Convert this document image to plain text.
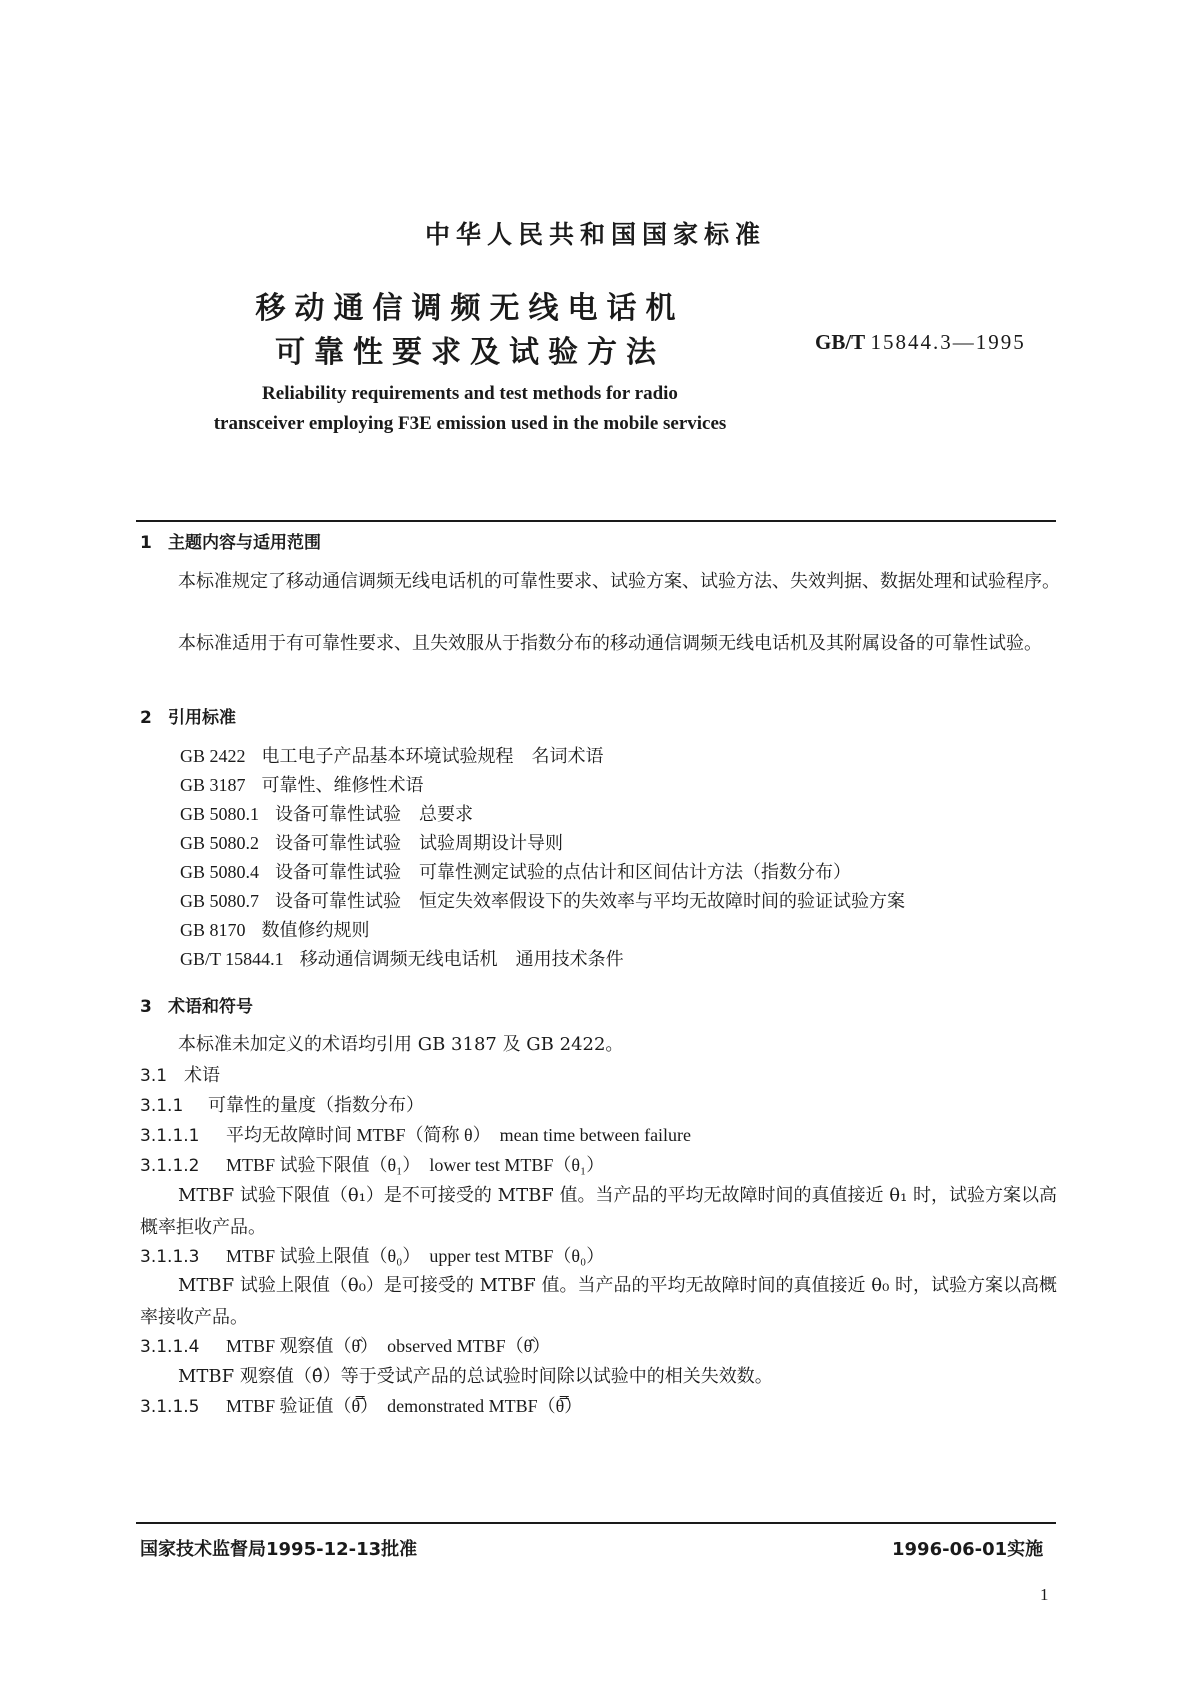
中华人民共和国国家标准
移动通信调频无线电话机
可靠性要求及试验方法	GB/T 15844.3—1995
Reliability requirements and test methods for radio
transceiver employing F3E emission used in the mobile services
1 主题内容与适用范围
本标准规定了移动通信调频无线电话机的可靠性要求、试验方案、试验方法、失效判据、数据处理和试验程序。
本标准适用于有可靠性要求、且失效服从于指数分布的移动通信调频无线电话机及其附属设备的可靠性试验。
2 引用标准
GB 2422 电工电子产品基本环境试验规程　名词术语
GB 3187 可靠性、维修性术语
GB 5080.1 设备可靠性试验　总要求
GB 5080.2 设备可靠性试验　试验周期设计导则
GB 5080.4 设备可靠性试验　可靠性测定试验的点估计和区间估计方法（指数分布）
GB 5080.7 设备可靠性试验　恒定失效率假设下的失效率与平均无故障时间的验证试验方案
GB 8170 数值修约规则
GB/T 15844.1 移动通信调频无线电话机　通用技术条件
3 术语和符号
本标准未加定义的术语均引用 GB 3187 及 GB 2422。
3.1 术语
3.1.1 可靠性的量度（指数分布）
3.1.1.1 平均无故障时间 MTBF（简称 θ）　mean time between failure
3.1.1.2 MTBF 试验下限值（θ₁）　lower test MTBF（θ₁）
MTBF 试验下限值（θ₁）是不可接受的 MTBF 值。当产品的平均无故障时间的真值接近 θ₁ 时，试验方案以高概率拒收产品。
3.1.1.3 MTBF 试验上限值（θ₀）　upper test MTBF（θ₀）
MTBF 试验上限值（θ₀）是可接受的 MTBF 值。当产品的平均无故障时间的真值接近 θ₀ 时，试验方案以高概率接收产品。
3.1.1.4 MTBF 观察值（θ̂）　observed MTBF（θ̂）
MTBF 观察值（θ̂）等于受试产品的总试验时间除以试验中的相关失效数。
3.1.1.5 MTBF 验证值（θ̿）　demonstrated MTBF（θ̿）
国家技术监督局1995-12-13批准	1996-06-01实施
1
